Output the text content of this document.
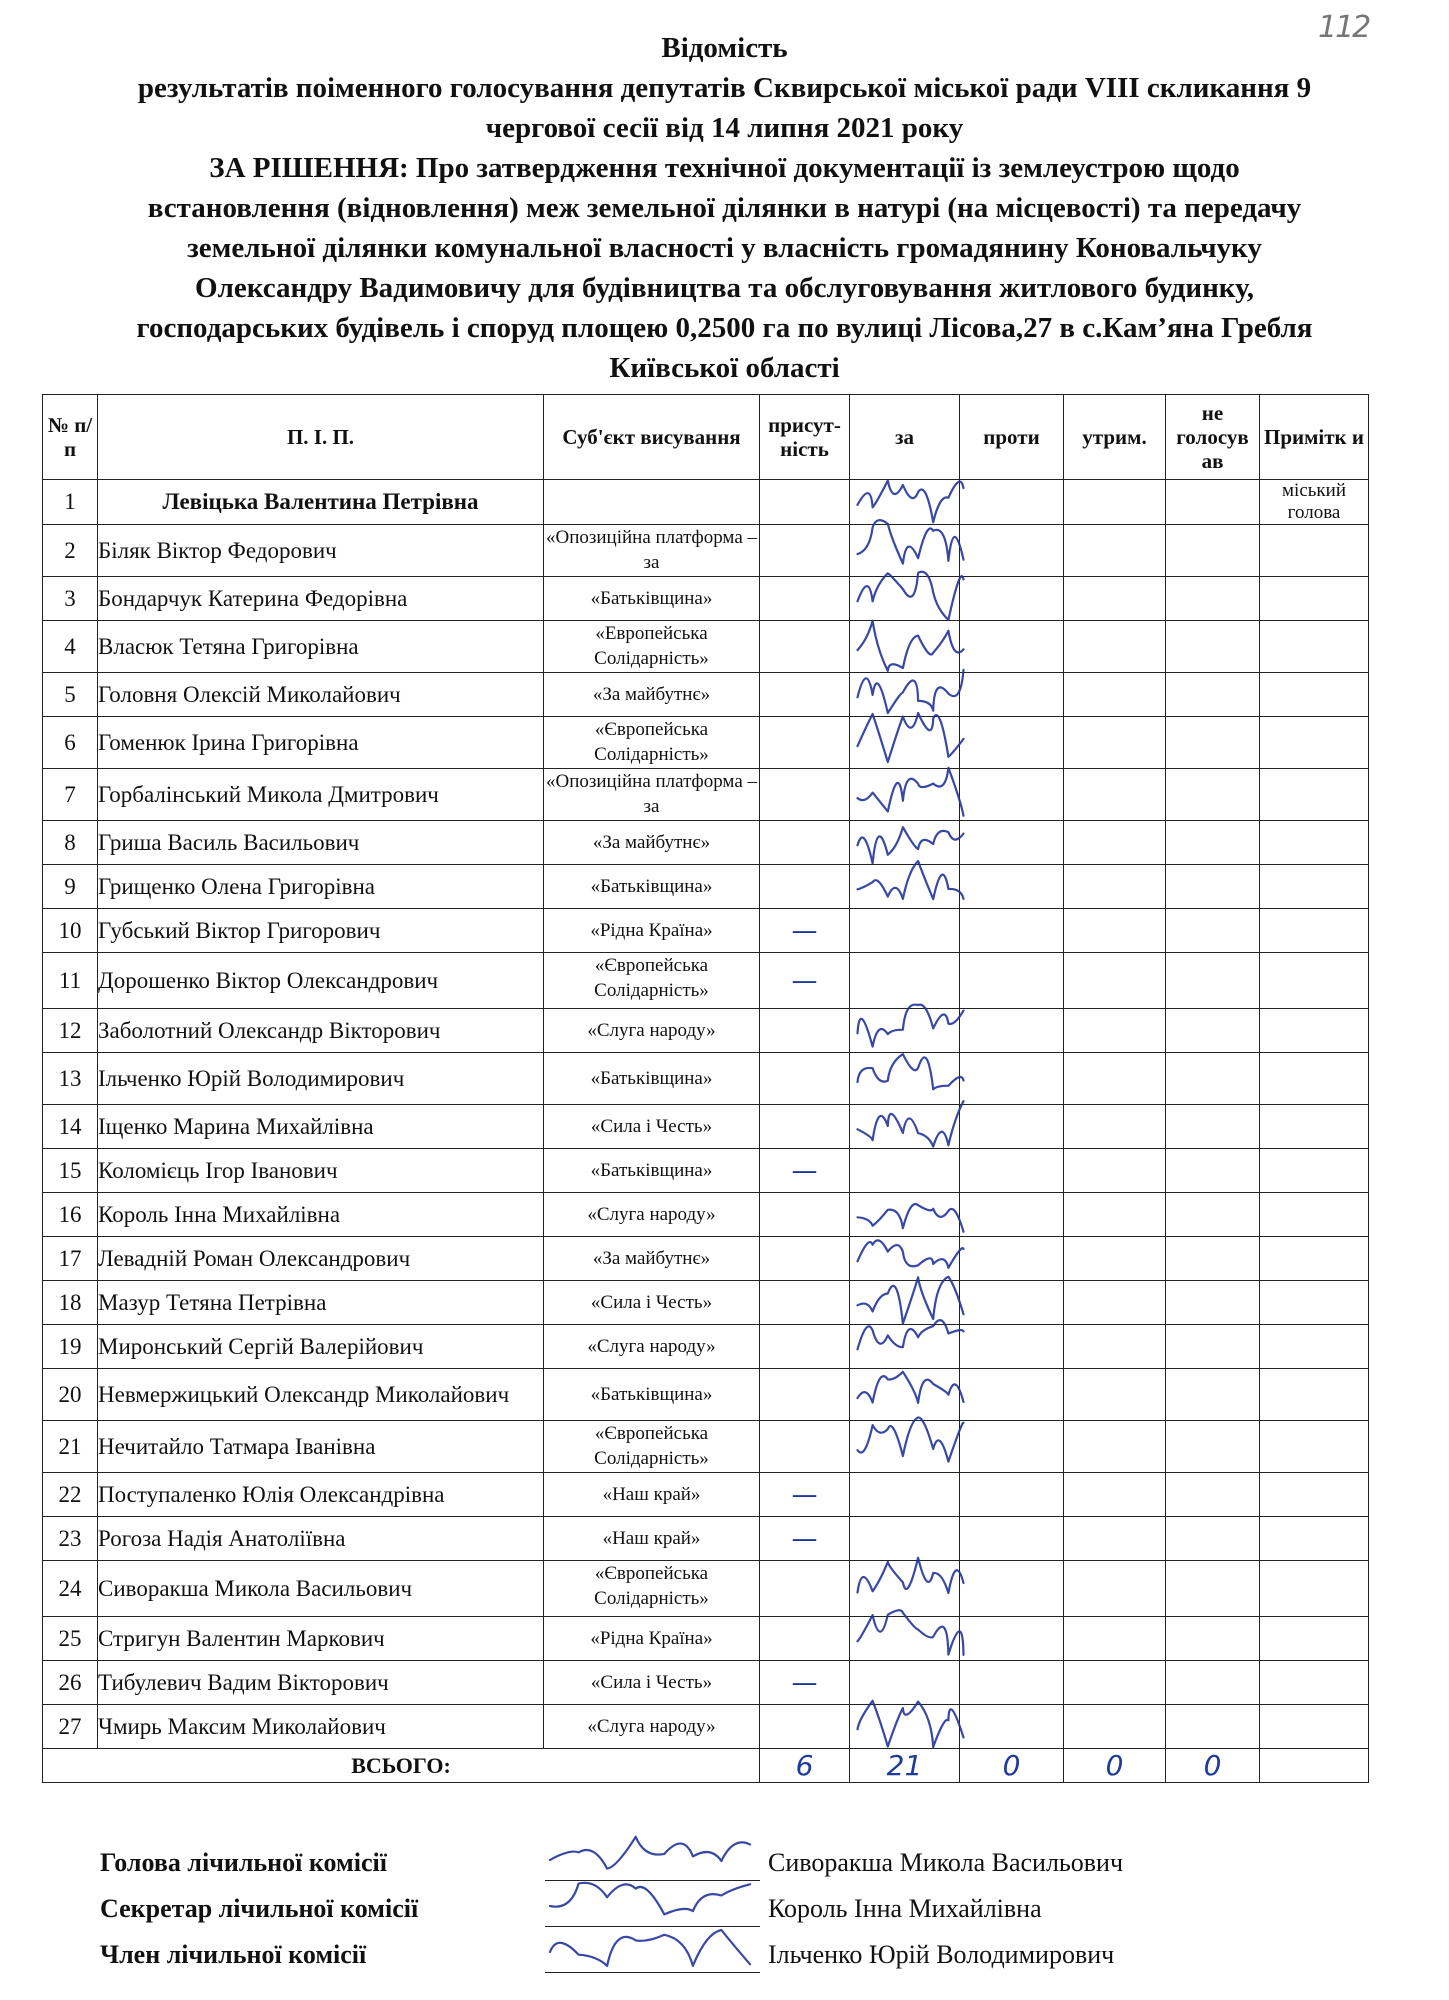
112
Відомість
результатів поіменного голосування депутатів Сквирської міської ради VIII скликання 9
чергової сесії від 14 липня 2021 року
ЗА РІШЕННЯ: Про затвердження технічної документації із землеустрою щодо
встановлення (відновлення) меж земельної ділянки в натурі (на місцевості) та передачу
земельної ділянки комунальної власності у власність громадянину Коновальчуку
Олександру Вадимовичу для будівництва та обслуговування житлового будинку,
господарських будівель і споруд площею 0,2500 га по вулиці Лісова,27 в с.Кам’яна Гребля
Київської області
№ п/п	П. І. П.	Суб'єкт висування	присут-ність	за	проти	утрим.	не голосув ав	Примітк и
1	Левіцька Валентина Петрівна							міський голова
2	Біляк Віктор Федорович	«Опозиційна платформа – за						
3	Бондарчук Катерина Федорівна	«Батьківщина»						
4	Власюк Тетяна Григорівна	«Европейська Солідарність»						
5	Головня Олексій Миколайович	«За майбутнє»						
6	Гоменюк Ірина Григорівна	«Європейська Солідарність»						
7	Горбалінський Микола Дмитрович	«Опозиційна платформа – за						
8	Гриша Василь Васильович	«За майбутнє»						
9	Грищенко Олена Григорівна	«Батьківщина»						
10	Губський Віктор Григорович	«Рідна Країна»	—					
11	Дорошенко Віктор Олександрович	«Європейська Солідарність»	—					
12	Заболотний Олександр Вікторович	«Слуга народу»						
13	Ільченко Юрій Володимирович	«Батьківщина»						
14	Іщенко Марина Михайлівна	«Сила і Честь»						
15	Коломієць Ігор Іванович	«Батьківщина»	—					
16	Король Інна Михайлівна	«Слуга народу»						
17	Левадній Роман Олександрович	«За майбутнє»						
18	Мазур Тетяна Петрівна	«Сила і Честь»						
19	Миронський Сергій Валерійович	«Слуга народу»						
20	Невмержицький Олександр Миколайович	«Батьківщина»						
21	Нечитайло Татмара Іванівна	«Європейська Солідарність»						
22	Поступаленко Юлія Олександрівна	«Наш край»	—					
23	Рогоза Надія Анатоліївна	«Наш край»	—					
24	Сиворакша Микола Васильович	«Європейська Солідарність»						
25	Стригун Валентин Маркович	«Рідна Країна»						
26	Тибулевич Вадим Вікторович	«Сила і Честь»	—					
27	Чмирь Максим Миколайович	«Слуга народу»						
ВСЬОГО:			6	21	0	0	0	
Голова лічильної комісії	Сиворакша Микола Васильович
Секретар лічильної комісії	Король Інна Михайлівна
Член лічильної комісії	Ільченко Юрій Володимирович
